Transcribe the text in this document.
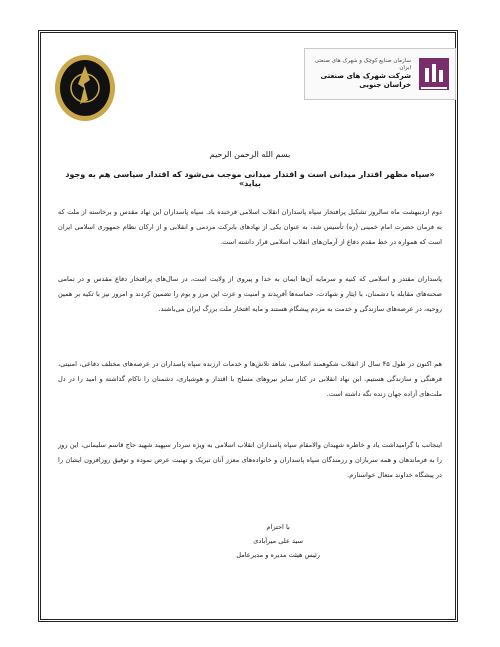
۱۳۵۷
سازمان صنایع کوچک و شهرک های صنعتی ایران
شرکت شهرک های صنعتی خراسان جنوبی
بسم الله الرحمن الرحیم
«سپاه مظهر اقتدار میدانی است و اقتدار میدانی موجب می‌شود که اقتدار سیاسی هم به وجود بیاید»
دوم اردیبهشت ماه سالروز تشکیل پرافتخار سپاه پاسداران انقلاب اسلامی فرخنده باد. سپاه پاسداران این نهاد مقدس و برخاسته از ملت که به فرمان حضرت امام خمینی (ره) تأسیس شد، به عنوان یکی از نهادهای بابرکت مردمی و انقلابی و از ارکان نظام جمهوری اسلامی ایران است که همواره در خط مقدم دفاع از آرمان‌های انقلاب اسلامی قرار داشته است.
پاسداران مقتدر و اسلامی که کنیه و سرمایه آن‌ها ایمان به خدا و پیروی از ولایت است، در سال‌های پرافتخار دفاع مقدس و در تمامی صحنه‌های مقابله با دشمنان، با ایثار و شهادت، حماسه‌ها آفریدند و امنیت و عزت این مرز و بوم را تضمین کردند و امروز نیز با تکیه بر همین روحیه، در عرصه‌های سازندگی و خدمت به مردم پیشگام هستند و مایه افتخار ملت بزرگ ایران می‌باشند.
هم اکنون در طول ۴۵ سال از انقلاب شکوهمند اسلامی، شاهد تلاش‌ها و خدمات ارزنده سپاه پاسداران در عرصه‌های مختلف دفاعی، امنیتی، فرهنگی و سازندگی هستیم. این نهاد انقلابی در کنار سایر نیروهای مسلح با اقتدار و هوشیاری، دشمنان را ناکام گذاشته و امید را در دل ملت‌های آزاده جهان زنده نگه داشته است.
اینجانب با گرامیداشت یاد و خاطره شهیدان والامقام سپاه پاسداران انقلاب اسلامی به ویژه سردار سپهبد شهید حاج قاسم سلیمانی، این روز را به فرماندهان و همه سربازان و رزمندگان سپاه پاسداران و خانواده‌های معزز آنان تبریک و تهنیت عرض نموده و توفیق روزافزون ایشان را در پیشگاه خداوند متعال خواستارم.
با احترام
سید علی میرآبادی
رئیس هیئت مدیره و مدیرعامل
